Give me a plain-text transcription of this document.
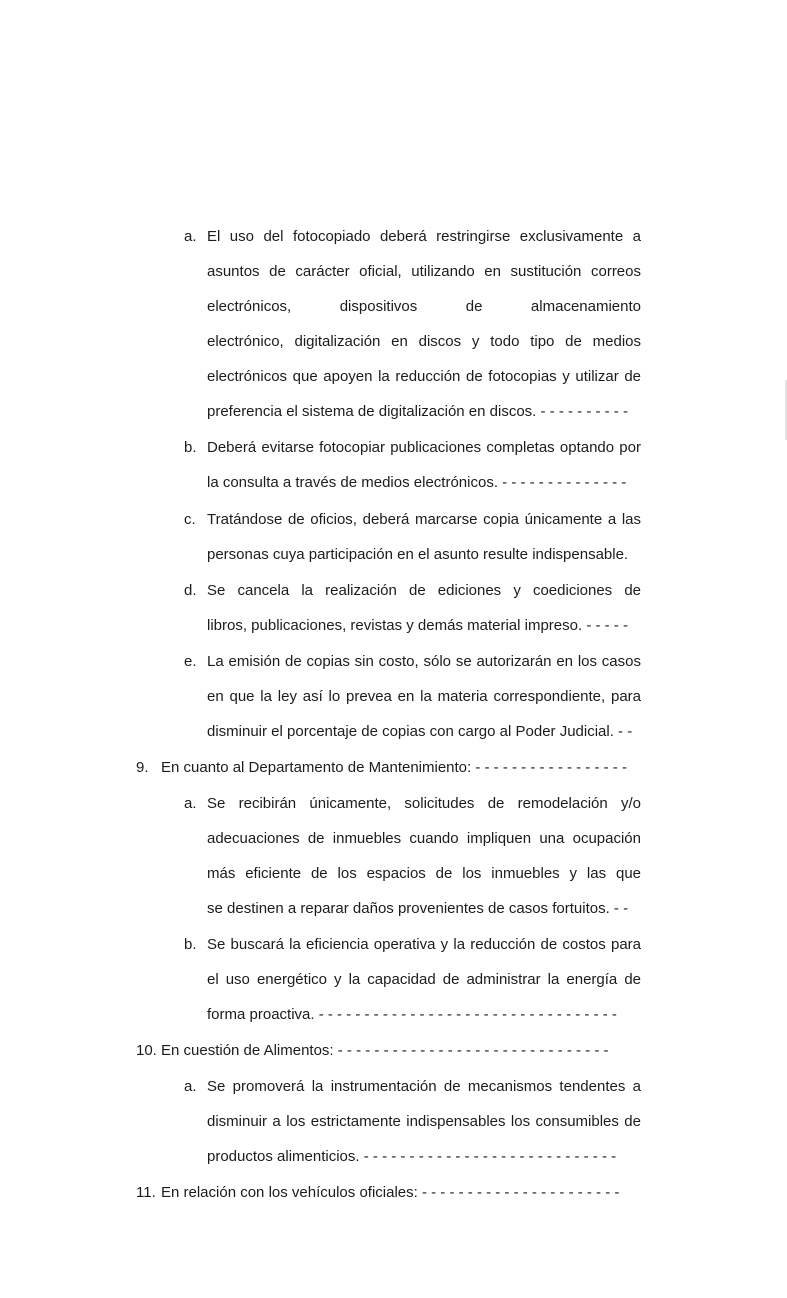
a. El uso del fotocopiado deberá restringirse exclusivamente a
asuntos de carácter oficial, utilizando en sustitución correos
electrónicos, dispositivos de almacenamiento
electrónico, digitalización en discos y todo tipo de medios
electrónicos que apoyen la reducción de fotocopias y utilizar de
preferencia el sistema de digitalización en discos. - - - - - - - - - -
b. Deberá evitarse fotocopiar publicaciones completas optando por
la consulta a través de medios electrónicos. - - - - - - - - - - - - - -
c. Tratándose de oficios, deberá marcarse copia únicamente a las
personas cuya participación en el asunto resulte indispensable.
d. Se cancela la realización de ediciones y coediciones de
libros, publicaciones, revistas y demás material impreso. - - - - -
e. La emisión de copias sin costo, sólo se autorizarán en los casos
en que la ley así lo prevea en la materia correspondiente, para
disminuir el porcentaje de copias con cargo al Poder Judicial. - -
9. En cuanto al Departamento de Mantenimiento: - - - - - - - - - - - - - - - - -
a. Se recibirán únicamente, solicitudes de remodelación y/o
adecuaciones de inmuebles cuando impliquen una ocupación
más eficiente de los espacios de los inmuebles y las que
se destinen a reparar daños provenientes de casos fortuitos. - -
b. Se buscará la eficiencia operativa y la reducción de costos para
el uso energético y la capacidad de administrar la energía de
forma proactiva. - - - - - - - - - - - - - - - - - - - - - - - - - - - - - - - - -
10. En cuestión de Alimentos: - - - - - - - - - - - - - - - - - - - - - - - - - - - - - -
a. Se promoverá la instrumentación de mecanismos tendentes a
disminuir a los estrictamente indispensables los consumibles de
productos alimenticios. - - - - - - - - - - - - - - - - - - - - - - - - - - - -
11. En relación con los vehículos oficiales: - - - - - - - - - - - - - - - - - - - - - -
